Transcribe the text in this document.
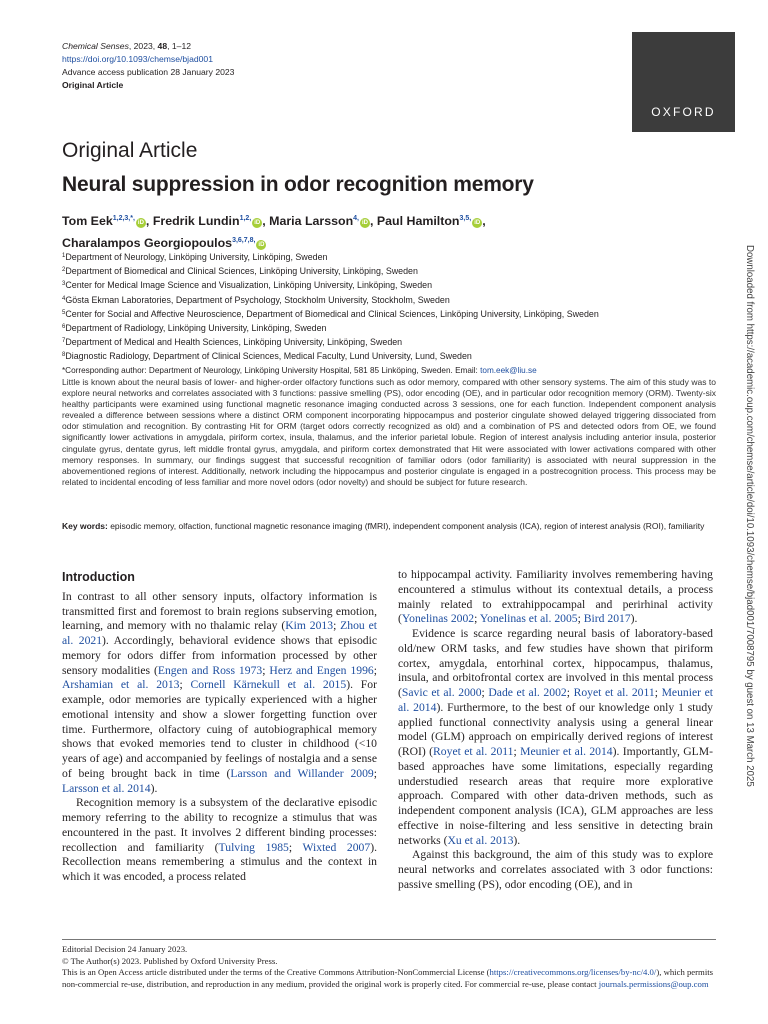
Chemical Senses, 2023, 48, 1–12
https://doi.org/10.1093/chemse/bjad001
Advance access publication 28 January 2023
Original Article
OXFORD
Original Article
Neural suppression in odor recognition memory
Tom Eek$^{1,2,3,*,}$iD , Fredrik Lundin$^{1,2,}$iD , Maria Larsson$^{4,}$iD , Paul Hamilton$^{3,5,}$iD ,
Charalampos Georgiopoulos$^{3,6,7,8,}$iD
$^1$Department of Neurology, Linköping University, Linköping, Sweden
$^2$Department of Biomedical and Clinical Sciences, Linköping University, Linköping, Sweden
$^3$Center for Medical Image Science and Visualization, Linköping University, Linköping, Sweden
$^4$Gösta Ekman Laboratories, Department of Psychology, Stockholm University, Stockholm, Sweden
$^5$Center for Social and Affective Neuroscience, Department of Biomedical and Clinical Sciences, Linköping University, Linköping, Sweden
$^6$Department of Radiology, Linköping University, Linköping, Sweden
$^7$Department of Medical and Health Sciences, Linköping University, Linköping, Sweden
$^8$Diagnostic Radiology, Department of Clinical Sciences, Medical Faculty, Lund University, Lund, Sweden
*Corresponding author: Department of Neurology, Linköping University Hospital, 581 85 Linköping, Sweden. Email: tom.eek@liu.se
Little is known about the neural basis of lower- and higher-order olfactory functions such as odor memory, compared with other sensory systems. The aim of this study was to explore neural networks and correlates associated with 3 functions: passive smelling (PS), odor encoding (OE), and in particular odor recognition memory (ORM). Twenty-six healthy participants were examined using functional magnetic resonance imaging conducted across 3 sessions, one for each function. Independent component analysis revealed a difference between sessions where a distinct ORM component incorporating hippocampus and posterior cingulate showed delayed triggering dissociated from odor stimulation and recognition. By contrasting Hit for ORM (target odors correctly recognized as old) and a combination of PS and detected odors from OE, we found significantly lower activations in amygdala, piriform cortex, insula, thalamus, and the inferior parietal lobule. Region of interest analysis including anterior insula, posterior cingulate gyrus, dentate gyrus, left middle frontal gyrus, amygdala, and piriform cortex demonstrated that Hit were associated with lower activations compared with other memory responses. In summary, our findings suggest that successful recognition of familiar odors (odor familiarity) is associated with neural suppression in the abovementioned regions of interest. Additionally, network including the hippocampus and posterior cingulate is engaged in a postrecognition process. This process may be related to incidental encoding of less familiar and more novel odors (odor novelty) and should be subject for future research.
Key words: episodic memory, olfaction, functional magnetic resonance imaging (fMRI), independent component analysis (ICA), region of interest analysis (ROI), familiarity
Introduction

In contrast to all other sensory inputs, olfactory information is transmitted first and foremost to brain regions subserving emotion, learning, and memory with no thalamic relay (Kim 2013; Zhou et al. 2021). Accordingly, behavioral evidence shows that episodic memory for odors differ from information processed by other sensory modalities (Engen and Ross 1973; Herz and Engen 1996; Arshamian et al. 2013; Cornell Kärnekull et al. 2015). For example, odor memories are typically experienced with a higher emotional intensity and show a slower forgetting function over time. Furthermore, olfactory cuing of autobiographical memory shows that evoked memories tend to cluster in childhood (<10 years of age) and accompanied by feelings of nostalgia and a sense of being brought back in time (Larsson and Willander 2009; Larsson et al. 2014).

Recognition memory is a subsystem of the declarative episodic memory referring to the ability to recognize a stimulus that was encountered in the past. It involves 2 different binding processes: recollection and familiarity (Tulving 1985; Wixted 2007). Recollection means remembering a stimulus and the context in which it was encoded, a process related

to hippocampal activity. Familiarity involves remembering having encountered a stimulus without its contextual details, a process mainly related to extrahippocampal and perirhinal activity (Yonelinas 2002; Yonelinas et al. 2005; Bird 2017).

Evidence is scarce regarding neural basis of laboratory-based old/new ORM tasks, and few studies have shown that piriform cortex, amygdala, entorhinal cortex, hippocampus, thalamus, insula, and orbitofrontal cortex are involved in this mental process (Savic et al. 2000; Dade et al. 2002; Royet et al. 2011; Meunier et al. 2014). Furthermore, to the best of our knowledge only 1 study applied functional connectivity analysis using a general linear model (GLM) approach on empirically derived regions of interest (ROI) (Royet et al. 2011; Meunier et al. 2014). Importantly, GLM-based approaches have some limitations, especially regarding understudied research areas that require more explorative approach. Compared with other data-driven methods, such as independent component analysis (ICA), GLM approaches are less effective in noise-filtering and less sensitive in detecting brain networks (Xu et al. 2013).

Against this background, the aim of this study was to explore neural networks and correlates associated with 3 odor functions: passive smelling (PS), odor encoding (OE), and in

Editorial Decision 24 January 2023.
© The Author(s) 2023. Published by Oxford University Press.
This is an Open Access article distributed under the terms of the Creative Commons Attribution-NonCommercial License (https://creativecommons.org/licenses/by-nc/4.0/), which permits non-commercial re-use, distribution, and reproduction in any medium, provided the original work is properly cited. For commercial re-use, please contact journals.permissions@oup.com
Downloaded from https://academic.oup.com/chemse/article/doi/10.1093/chemse/bjad001/7008795 by guest on 13 March 2025
